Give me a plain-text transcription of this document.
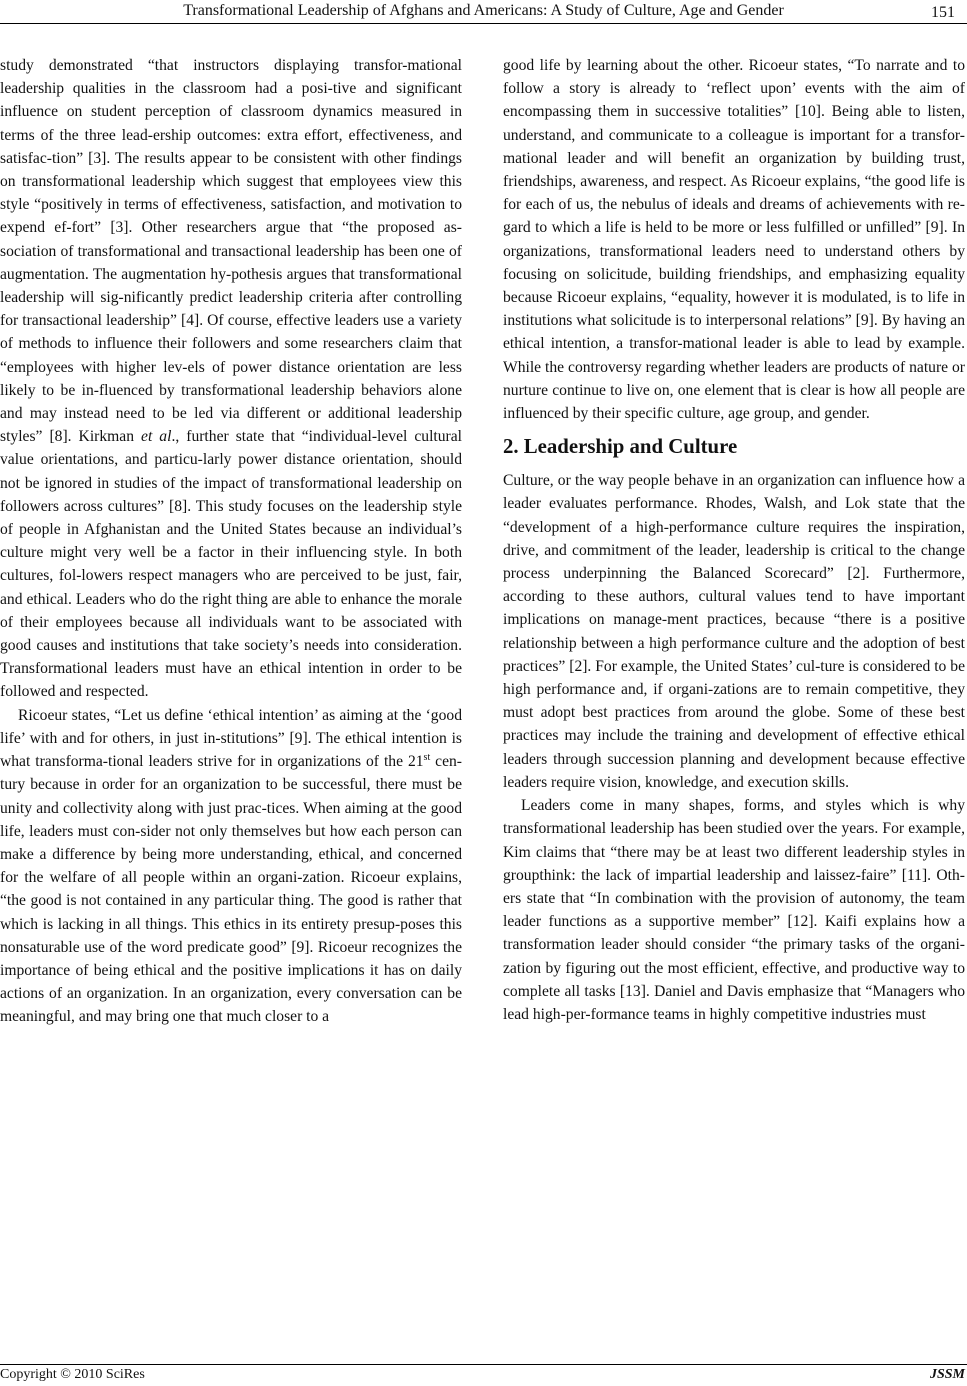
Transformational Leadership of Afghans and Americans: A Study of Culture, Age and Gender	151

study demonstrated “that instructors displaying transfor-mational leadership qualities in the classroom had a posi-tive and significant influence on student perception of classroom dynamics measured in terms of the three lead-ership outcomes: extra effort, effectiveness, and satisfac-tion” [3]. The results appear to be consistent with other findings on transformational leadership which suggest that employees view this style “positively in terms of effectiveness, satisfaction, and motivation to expend ef-fort” [3]. Other researchers argue that “the proposed as-sociation of transformational and transactional leadership has been one of augmentation. The augmentation hy-pothesis argues that transformational leadership will sig-nificantly predict leadership criteria after controlling for transactional leadership” [4]. Of course, effective leaders use a variety of methods to influence their followers and some researchers claim that “employees with higher lev-els of power distance orientation are less likely to be in-fluenced by transformational leadership behaviors alone and may instead need to be led via different or additional leadership styles” [8]. Kirkman et al., further state that “individual-level cultural value orientations, and particu-larly power distance orientation, should not be ignored in studies of the impact of transformational leadership on followers across cultures” [8]. This study focuses on the leadership style of people in Afghanistan and the United States because an individual’s culture might very well be a factor in their influencing style. In both cultures, fol-lowers respect managers who are perceived to be just, fair, and ethical. Leaders who do the right thing are able to enhance the morale of their employees because all individuals want to be associated with good causes and institutions that take society’s needs into consideration. Transformational leaders must have an ethical intention in order to be followed and respected.

Ricoeur states, “Let us define ‘ethical intention’ as aiming at the ‘good life’ with and for others, in just in-stitutions” [9]. The ethical intention is what transforma-tional leaders strive for in organizations of the 21st cen-tury because in order for an organization to be successful, there must be unity and collectivity along with just prac-tices. When aiming at the good life, leaders must con-sider not only themselves but how each person can make a difference by being more understanding, ethical, and concerned for the welfare of all people within an organi-zation. Ricoeur explains, “the good is not contained in any particular thing. The good is rather that which is lacking in all things. This ethics in its entirety presup-poses this nonsaturable use of the word predicate good” [9]. Ricoeur recognizes the importance of being ethical and the positive implications it has on daily actions of an organization. In an organization, every conversation can be meaningful, and may bring one that much closer to a

good life by learning about the other. Ricoeur states, “To narrate and to follow a story is already to ‘reflect upon’ events with the aim of encompassing them in successive totalities” [10]. Being able to listen, understand, and communicate to a colleague is important for a transfor-mational leader and will benefit an organization by building trust, friendships, awareness, and respect. As Ricoeur explains, “the good life is for each of us, the nebulus of ideals and dreams of achievements with re-gard to which a life is held to be more or less fulfilled or unfilled” [9]. In organizations, transformational leaders need to understand others by focusing on solicitude, building friendships, and emphasizing equality because Ricoeur explains, “equality, however it is modulated, is to life in institutions what solicitude is to interpersonal relations” [9]. By having an ethical intention, a transfor-mational leader is able to lead by example. While the controversy regarding whether leaders are products of nature or nurture continue to live on, one element that is clear is how all people are influenced by their specific culture, age group, and gender.

2. Leadership and Culture

Culture, or the way people behave in an organization can influence how a leader evaluates performance. Rhodes, Walsh, and Lok state that the “development of a high-performance culture requires the inspiration, drive, and commitment of the leader, leadership is critical to the change process underpinning the Balanced Scorecard” [2]. Furthermore, according to these authors, cultural values tend to have important implications on manage-ment practices, because “there is a positive relationship between a high performance culture and the adoption of best practices” [2]. For example, the United States’ cul-ture is considered to be high performance and, if organi-zations are to remain competitive, they must adopt best practices from around the globe. Some of these best practices may include the training and development of effective ethical leaders through succession planning and development because effective leaders require vision, knowledge, and execution skills.

Leaders come in many shapes, forms, and styles which is why transformational leadership has been studied over the years. For example, Kim claims that “there may be at least two different leadership styles in groupthink: the lack of impartial leadership and laissez-faire” [11]. Oth-ers state that “In combination with the provision of autonomy, the team leader functions as a supportive member” [12]. Kaifi explains how a transformation leader should consider “the primary tasks of the organi-zation by figuring out the most efficient, effective, and productive way to complete all tasks [13]. Daniel and Davis emphasize that “Managers who lead high-per-formance teams in highly competitive industries must

Copyright © 2010 SciRes	JSSM
